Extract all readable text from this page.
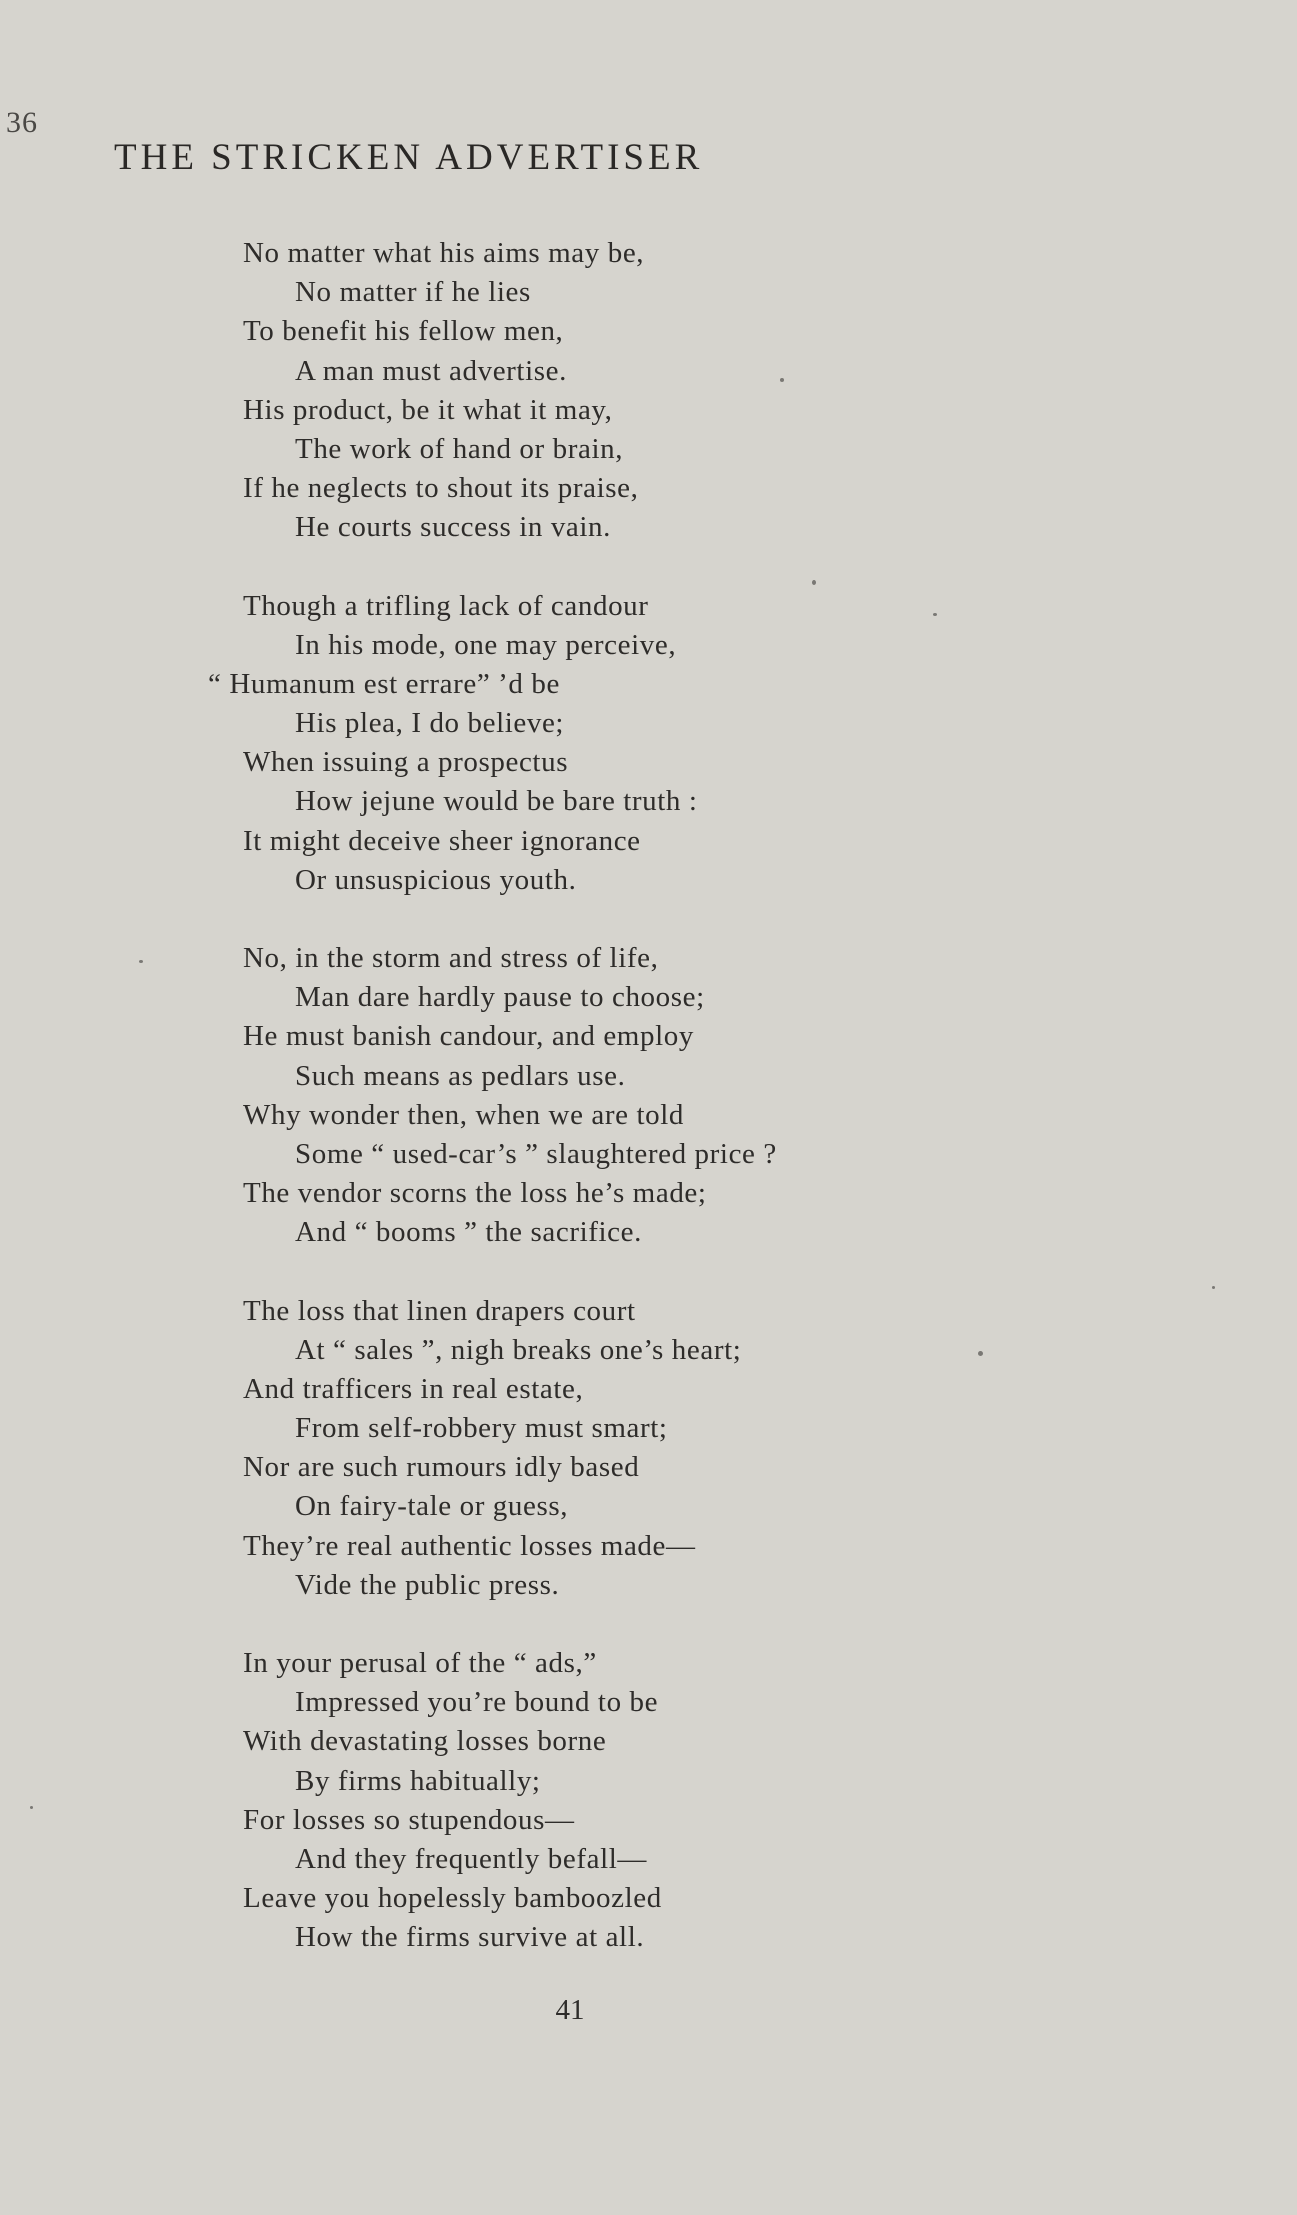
36
THE STRICKEN ADVERTISER
No matter what his aims may be,
No matter if he lies
To benefit his fellow men,
A man must advertise.
His product, be it what it may,
The work of hand or brain,
If he neglects to shout its praise,
He courts success in vain.
Though a trifling lack of candour
In his mode, one may perceive,
“ Humanum est errare” ’d be
His plea, I do believe;
When issuing a prospectus
How jejune would be bare truth :
It might deceive sheer ignorance
Or unsuspicious youth.
No, in the storm and stress of life,
Man dare hardly pause to choose;
He must banish candour, and employ
Such means as pedlars use.
Why wonder then, when we are told
Some “ used-car’s ” slaughtered price ?
The vendor scorns the loss he’s made;
And “ booms ” the sacrifice.
The loss that linen drapers court
At “ sales ”, nigh breaks one’s heart;
And trafficers in real estate,
From self-robbery must smart;
Nor are such rumours idly based
On fairy-tale or guess,
They’re real authentic losses made—
Vide the public press.
In your perusal of the “ ads,”
Impressed you’re bound to be
With devastating losses borne
By firms habitually;
For losses so stupendous—
And they frequently befall—
Leave you hopelessly bamboozled
How the firms survive at all.
41
